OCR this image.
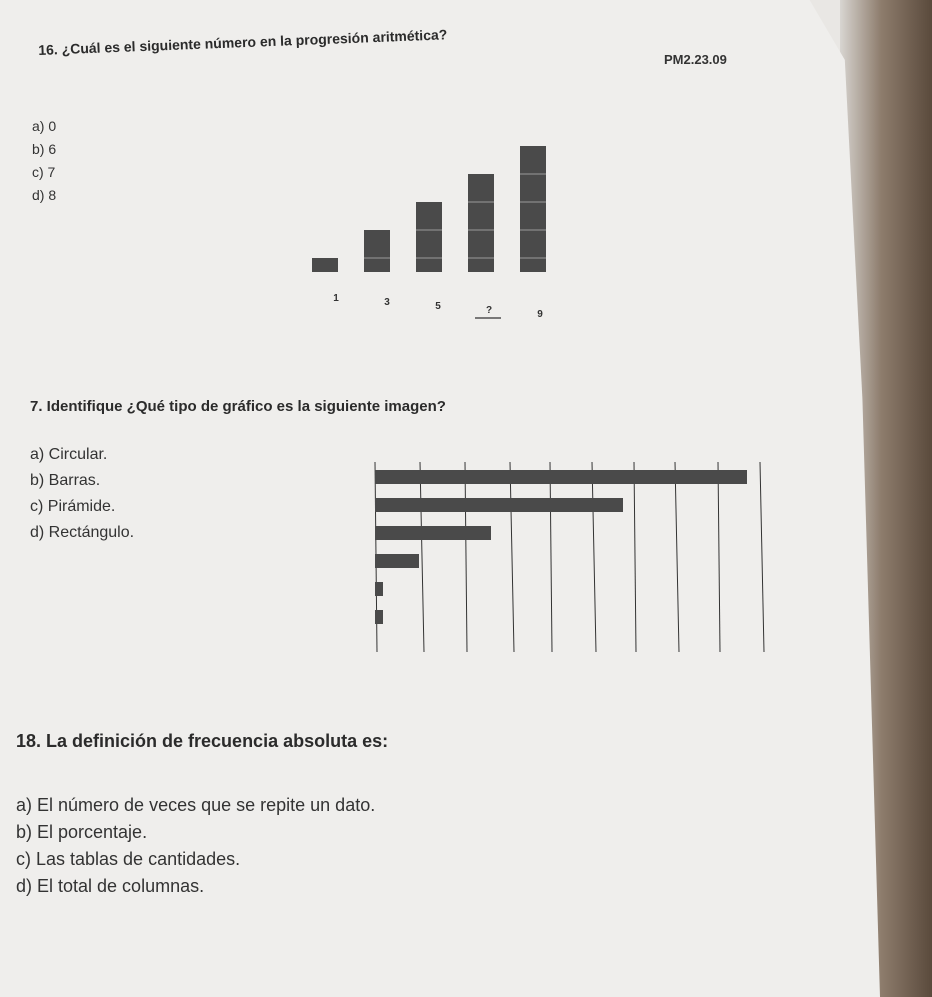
PM2.23.09
16. ¿Cuál es el siguiente número en la progresión aritmética?
a) 0
b) 6
c) 7
d) 8
1	3	5	?	9
7. Identifique ¿Qué tipo de gráfico es la siguiente imagen?
a) Circular.
b) Barras.
c) Pirámide.
d) Rectángulo.
18. La definición de frecuencia absoluta es:
a) El número de veces que se repite un dato.
b) El porcentaje.
c) Las tablas de cantidades.
d) El total de columnas.
